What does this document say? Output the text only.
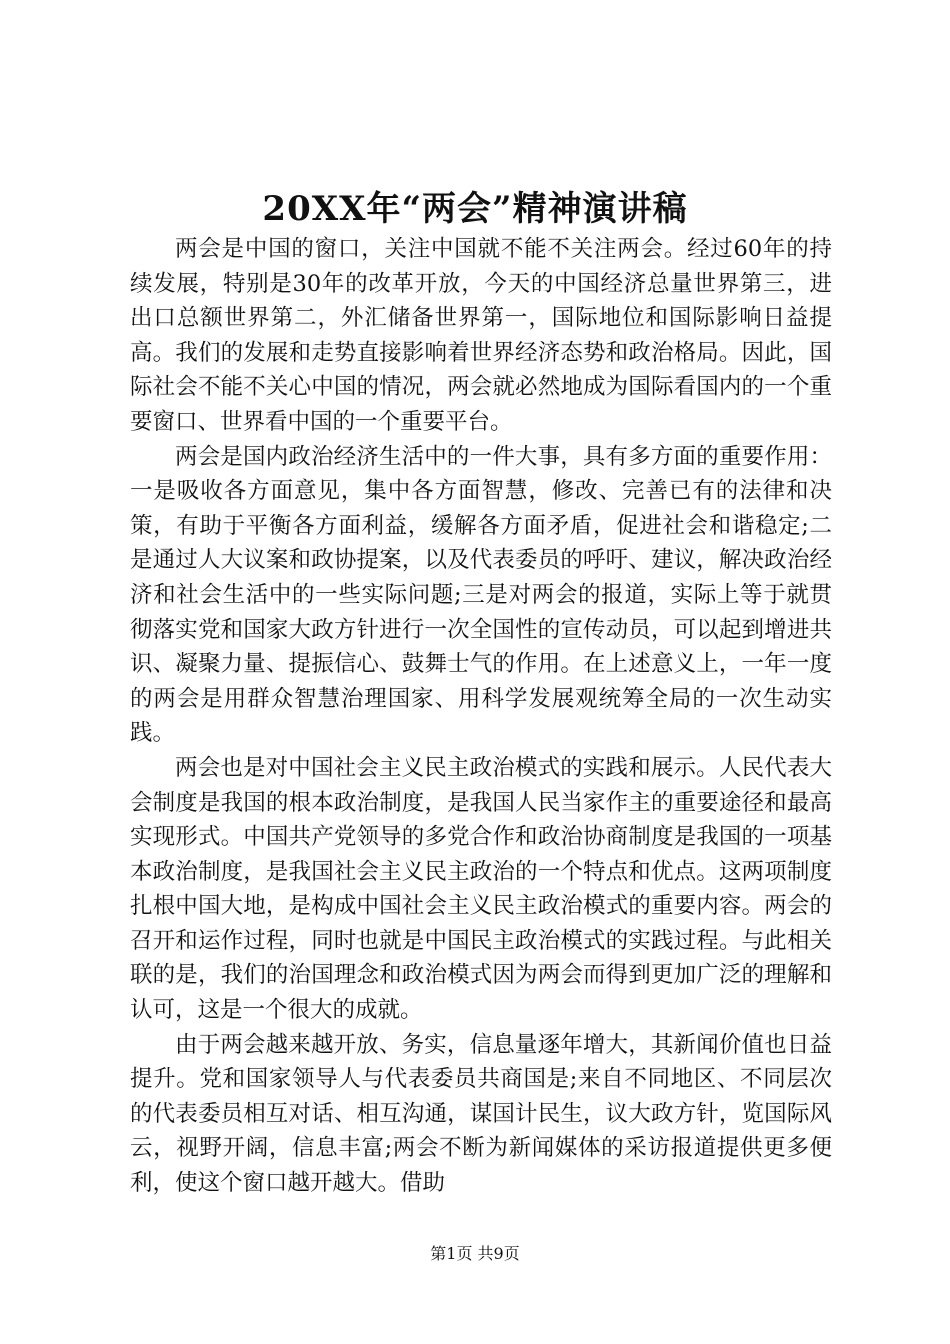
20XX年“两会”精神演讲稿

两会是中国的窗口，关注中国就不能不关注两会。经过60年的持续发展，特别是30年的改革开放，今天的中国经济总量世界第三，进出口总额世界第二，外汇储备世界第一，国际地位和国际影响日益提高。我们的发展和走势直接影响着世界经济态势和政治格局。因此，国际社会不能不关心中国的情况，两会就必然地成为国际看国内的一个重要窗口、世界看中国的一个重要平台。

两会是国内政治经济生活中的一件大事，具有多方面的重要作用：一是吸收各方面意见，集中各方面智慧，修改、完善已有的法律和决策，有助于平衡各方面利益，缓解各方面矛盾，促进社会和谐稳定;二是通过人大议案和政协提案，以及代表委员的呼吁、建议，解决政治经济和社会生活中的一些实际问题;三是对两会的报道，实际上等于就贯彻落实党和国家大政方针进行一次全国性的宣传动员，可以起到增进共识、凝聚力量、提振信心、鼓舞士气的作用。在上述意义上，一年一度的两会是用群众智慧治理国家、用科学发展观统筹全局的一次生动实践。

两会也是对中国社会主义民主政治模式的实践和展示。人民代表大会制度是我国的根本政治制度，是我国人民当家作主的重要途径和最高实现形式。中国共产党领导的多党合作和政治协商制度是我国的一项基本政治制度，是我国社会主义民主政治的一个特点和优点。这两项制度扎根中国大地，是构成中国社会主义民主政治模式的重要内容。两会的召开和运作过程，同时也就是中国民主政治模式的实践过程。与此相关联的是，我们的治国理念和政治模式因为两会而得到更加广泛的理解和认可，这是一个很大的成就。

由于两会越来越开放、务实，信息量逐年增大，其新闻价值也日益提升。党和国家领导人与代表委员共商国是;来自不同地区、不同层次的代表委员相互对话、相互沟通，谋国计民生，议大政方针，览国际风云，视野开阔，信息丰富;两会不断为新闻媒体的采访报道提供更多便利，使这个窗口越开越大。借助

第1页 共9页
